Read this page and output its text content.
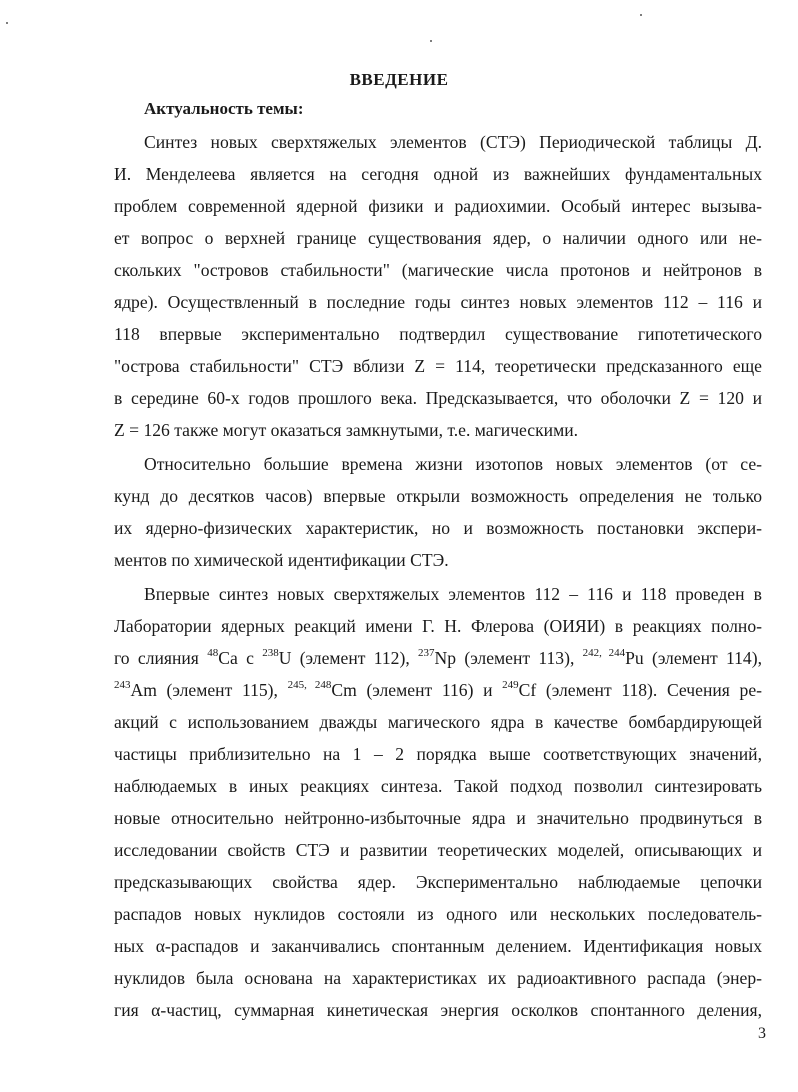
ВВЕДЕНИЕ
Актуальность темы:
Синтез новых сверхтяжелых элементов (СТЭ) Периодической таблицы Д.
И. Менделеева является на сегодня одной из важнейших фундаментальных
проблем современной ядерной физики и радиохимии. Особый интерес вызыва-
ет вопрос о верхней границе существования ядер, о наличии одного или не-
скольких "островов стабильности" (магические числа протонов и нейтронов в
ядре). Осуществленный в последние годы синтез новых элементов 112 – 116 и
118 впервые экспериментально подтвердил существование гипотетического
"острова стабильности" СТЭ вблизи Z = 114, теоретически предсказанного еще
в середине 60-х годов прошлого века. Предсказывается, что оболочки Z = 120 и
Z = 126 также могут оказаться замкнутыми, т.е. магическими.
Относительно большие времена жизни изотопов новых элементов (от се-
кунд до десятков часов) впервые открыли возможность определения не только
их ядерно-физических характеристик, но и возможность постановки экспери-
ментов по химической идентификации СТЭ.
Впервые синтез новых сверхтяжелых элементов 112 – 116 и 118 проведен в
Лаборатории ядерных реакций имени Г. Н. Флерова (ОИЯИ) в реакциях полно-
го слияния $^{48}$Ca с $^{238}$U (элемент 112), $^{237}$Np (элемент 113), $^{242, 244}$Pu (элемент 114),
$^{243}$Am (элемент 115), $^{245, 248}$Cm (элемент 116) и $^{249}$Cf (элемент 118). Сечения ре-
акций с использованием дважды магического ядра в качестве бомбардирующей
частицы приблизительно на 1 – 2 порядка выше соответствующих значений,
наблюдаемых в иных реакциях синтеза. Такой подход позволил синтезировать
новые относительно нейтронно-избыточные ядра и значительно продвинуться в
исследовании свойств СТЭ и развитии теоретических моделей, описывающих и
предсказывающих свойства ядер. Экспериментально наблюдаемые цепочки
распадов новых нуклидов состояли из одного или нескольких последователь-
ных α-распадов и заканчивались спонтанным делением. Идентификация новых
нуклидов была основана на характеристиках их радиоактивного распада (энер-
гия α-частиц, суммарная кинетическая энергия осколков спонтанного деления,
3
